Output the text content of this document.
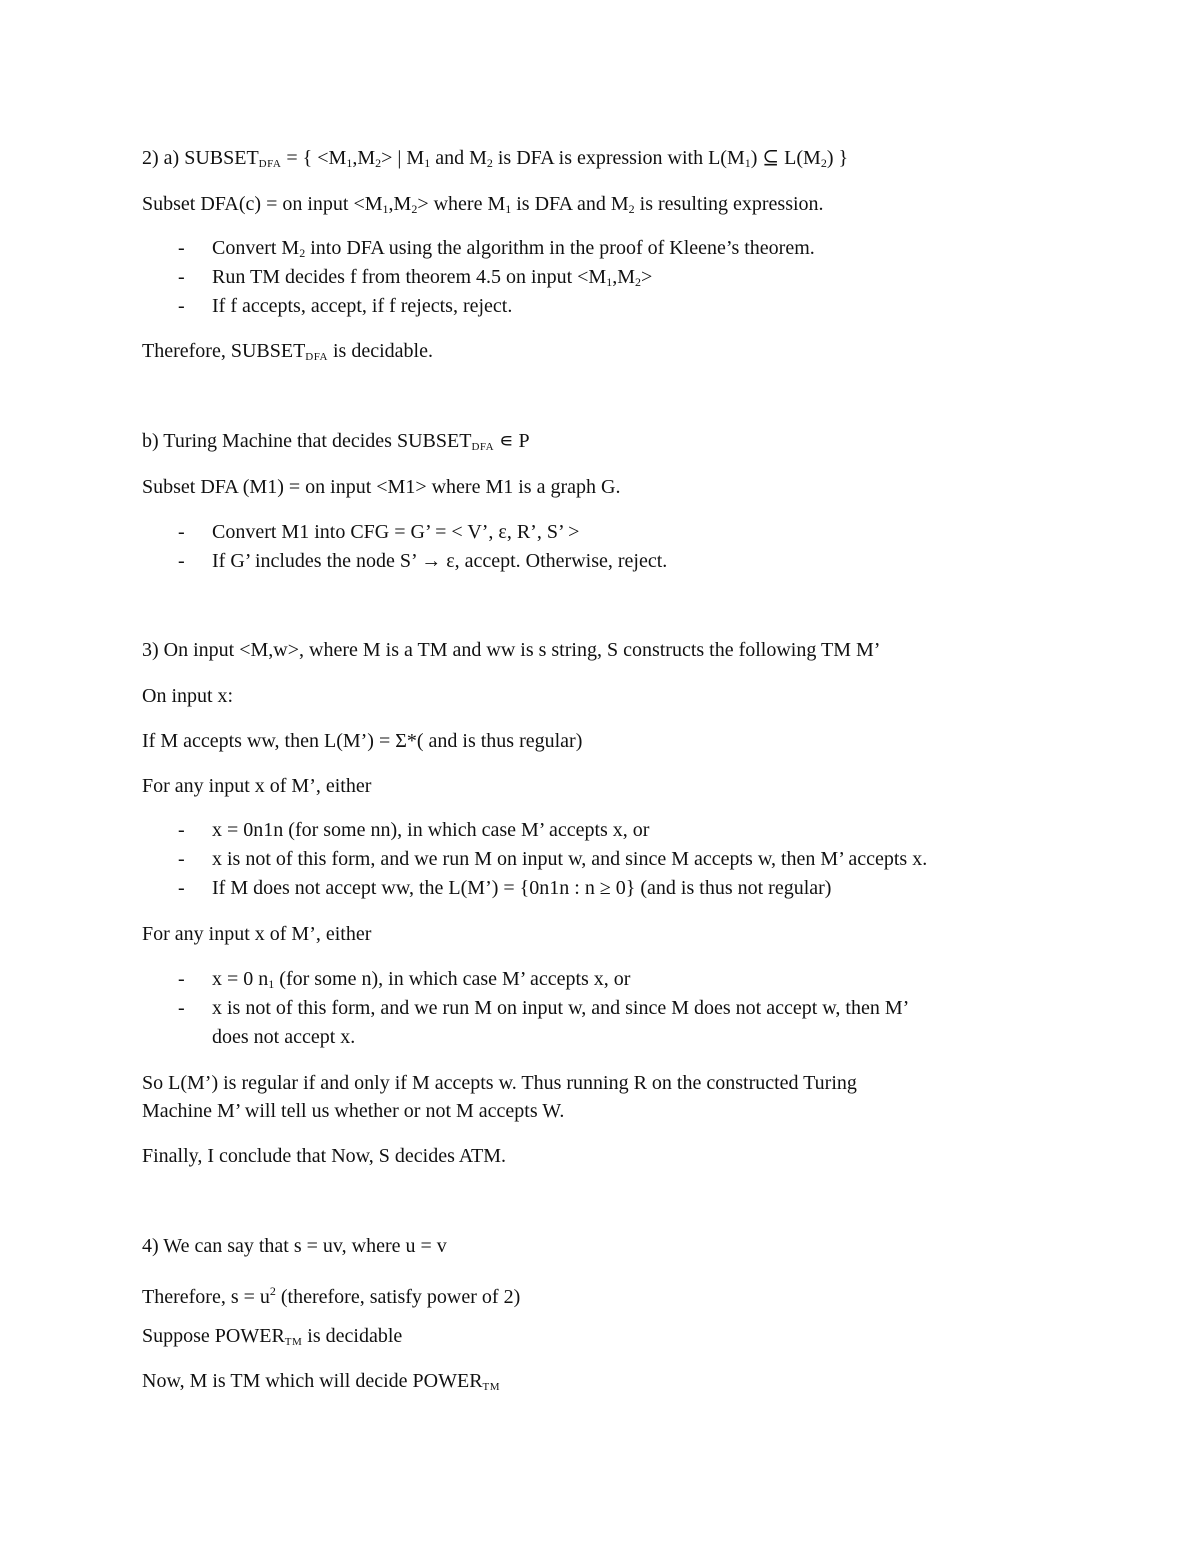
2) a) $SUBSET_{DFA}$ = { $<M_1,M_2>$ | $M_1$ and $M_2$ is DFA is expression with $L(M_1)$ ⊆ $L(M_2)$ }
Subset DFA(c) = on input $<M_1,M_2>$ where $M_1$ is DFA and $M_2$ is resulting expression.
- Convert $M_2$ into DFA using the algorithm in the proof of Kleene’s theorem.
- Run TM decides f from theorem 4.5 on input $<M_1,M_2>$
- If f accepts, accept, if f rejects, reject.
Therefore, $SUBSET_{DFA}$ is decidable.
b) Turing Machine that decides $SUBSET_{DFA}$ ∊ P
Subset DFA (M1) = on input <M1> where M1 is a graph G.
- Convert M1 into CFG = G’ = < V’, ε, R’, S’ >
- If G’ includes the node S’ → ε, accept. Otherwise, reject.
3) On input <M,w>, where M is a TM and ww is s string, S constructs the following TM M’
On input x:
If M accepts ww, then L(M’) = Σ*( and is thus regular)
For any input x of M’, either
- x = 0n1n (for some nn), in which case M’ accepts x, or
- x is not of this form, and we run M on input w, and since M accepts w, then M’ accepts x.
- If M does not accept ww, the L(M’) = {0n1n : n ≥ 0} (and is thus not regular)
For any input x of M’, either
- x = 0 $n_1$ (for some n), in which case M’ accepts x, or
- x is not of this form, and we run M on input w, and since M does not accept w, then M’
does not accept x.
So L(M’) is regular if and only if M accepts w. Thus running R on the constructed Turing
Machine M’ will tell us whether or not M accepts W.
Finally, I conclude that Now, S decides ATM.
4) We can say that s = uv, where u = v
Therefore, $s = u^2$ (therefore, satisfy power of 2)
Suppose $POWER_{TM}$ is decidable
Now, M is TM which will decide $POWER_{TM}$
